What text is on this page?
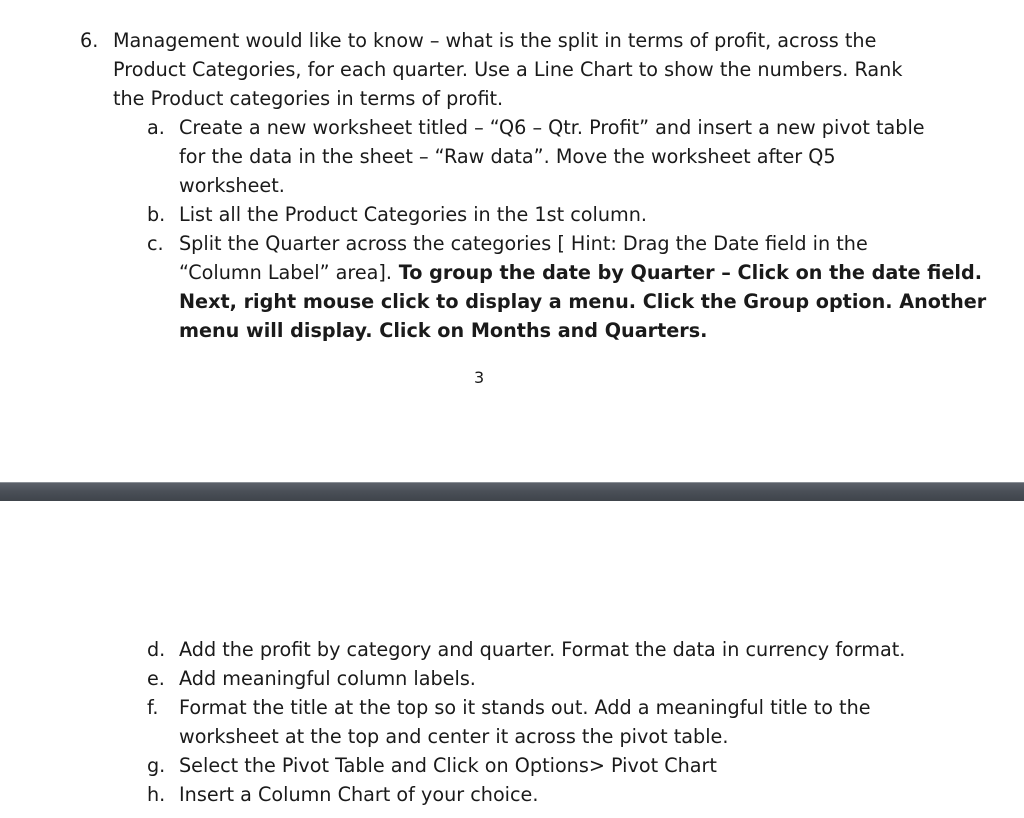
6. Management would like to know – what is the split in terms of profit, across the
Product Categories, for each quarter. Use a Line Chart to show the numbers. Rank
the Product categories in terms of profit.
a. Create a new worksheet titled – “Q6 – Qtr. Profit” and insert a new pivot table
for the data in the sheet – “Raw data”. Move the worksheet after Q5
worksheet.
b. List all the Product Categories in the 1st column.
c. Split the Quarter across the categories [ Hint: Drag the Date field in the
“Column Label” area]. To group the date by Quarter – Click on the date field.
Next, right mouse click to display a menu. Click the Group option. Another
menu will display. Click on Months and Quarters.
3
d. Add the profit by category and quarter. Format the data in currency format.
e. Add meaningful column labels.
f. Format the title at the top so it stands out. Add a meaningful title to the
worksheet at the top and center it across the pivot table.
g. Select the Pivot Table and Click on Options> Pivot Chart
h. Insert a Column Chart of your choice.
